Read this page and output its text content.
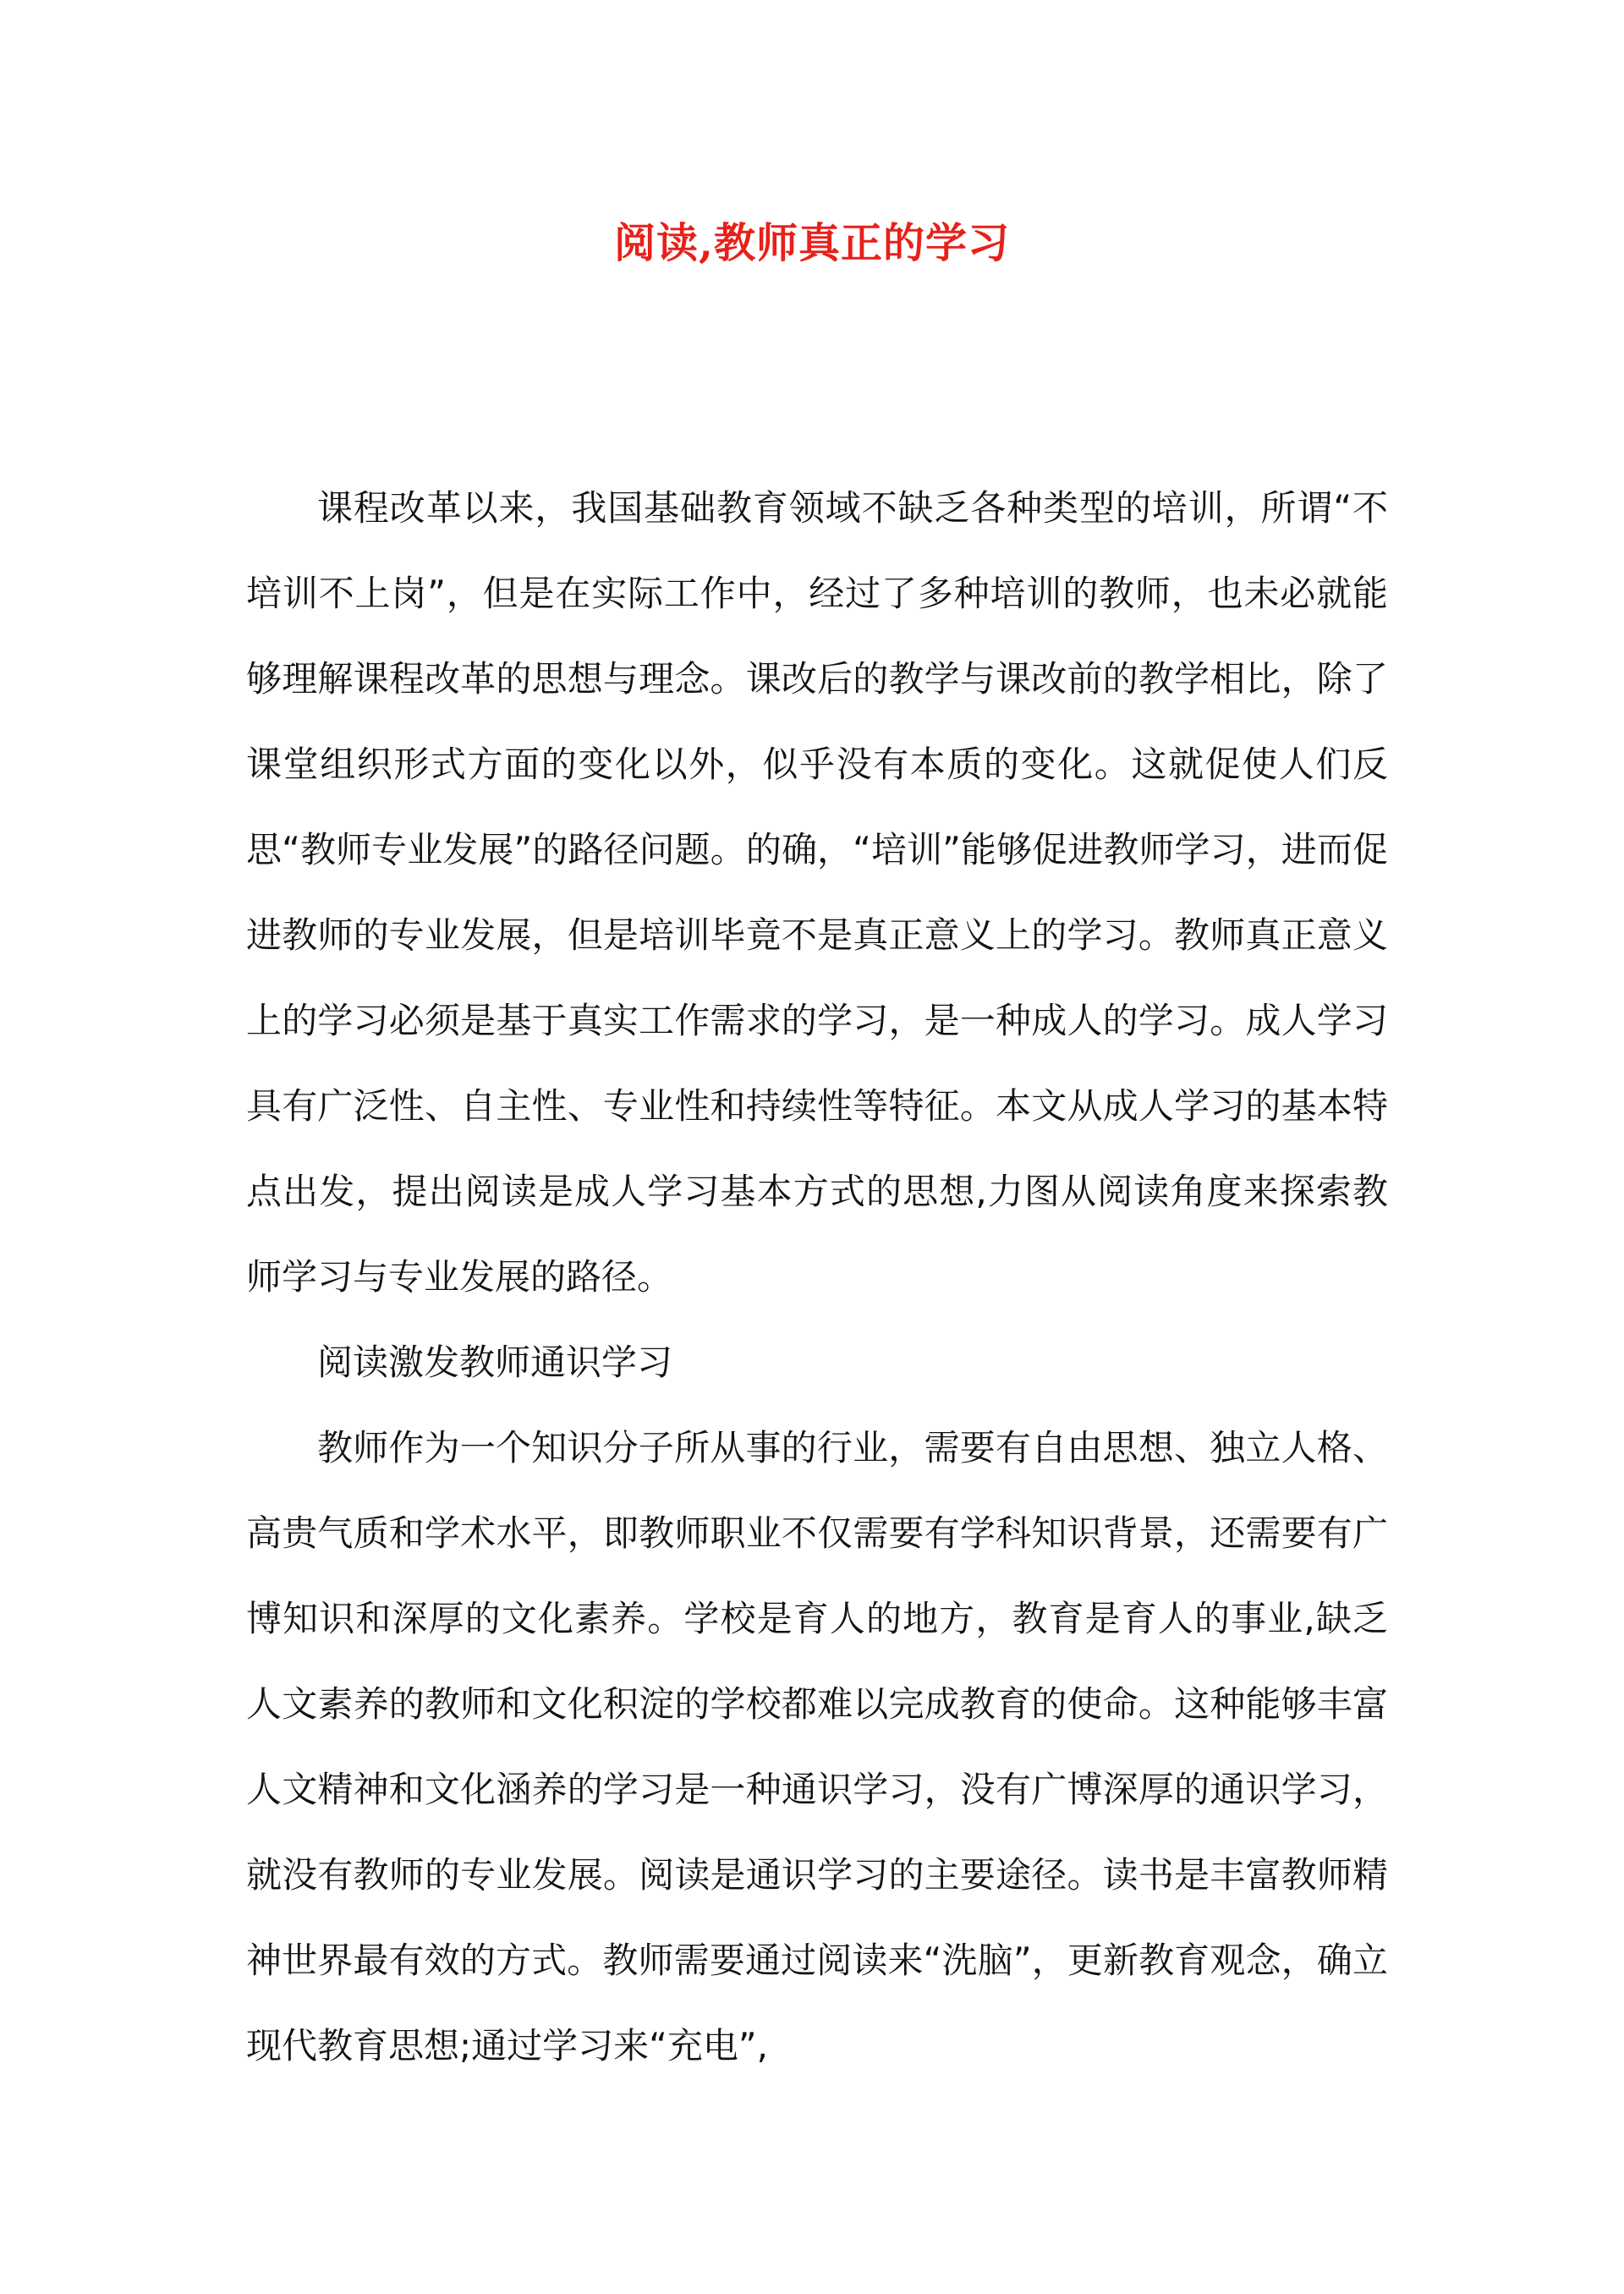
阅读,教师真正的学习

课程改革以来，我国基础教育领域不缺乏各种类型的培训，所谓“不培训不上岗”，但是在实际工作中，经过了多种培训的教师，也未必就能够理解课程改革的思想与理念。课改后的教学与课改前的教学相比，除了课堂组织形式方面的变化以外，似乎没有本质的变化。这就促使人们反思“教师专业发展”的路径问题。的确，“培训”能够促进教师学习，进而促进教师的专业发展，但是培训毕竟不是真正意义上的学习。教师真正意义上的学习必须是基于真实工作需求的学习，是一种成人的学习。成人学习具有广泛性、自主性、专业性和持续性等特征。本文从成人学习的基本特点出发，提出阅读是成人学习基本方式的思想,力图从阅读角度来探索教师学习与专业发展的路径。

阅读激发教师通识学习

教师作为一个知识分子所从事的行业，需要有自由思想、独立人格、高贵气质和学术水平，即教师职业不仅需要有学科知识背景，还需要有广博知识和深厚的文化素养。学校是育人的地方，教育是育人的事业,缺乏人文素养的教师和文化积淀的学校都难以完成教育的使命。这种能够丰富人文精神和文化涵养的学习是一种通识学习，没有广博深厚的通识学习，就没有教师的专业发展。阅读是通识学习的主要途径。读书是丰富教师精神世界最有效的方式。教师需要通过阅读来“洗脑”，更新教育观念，确立现代教育思想;通过学习来“充电”,
